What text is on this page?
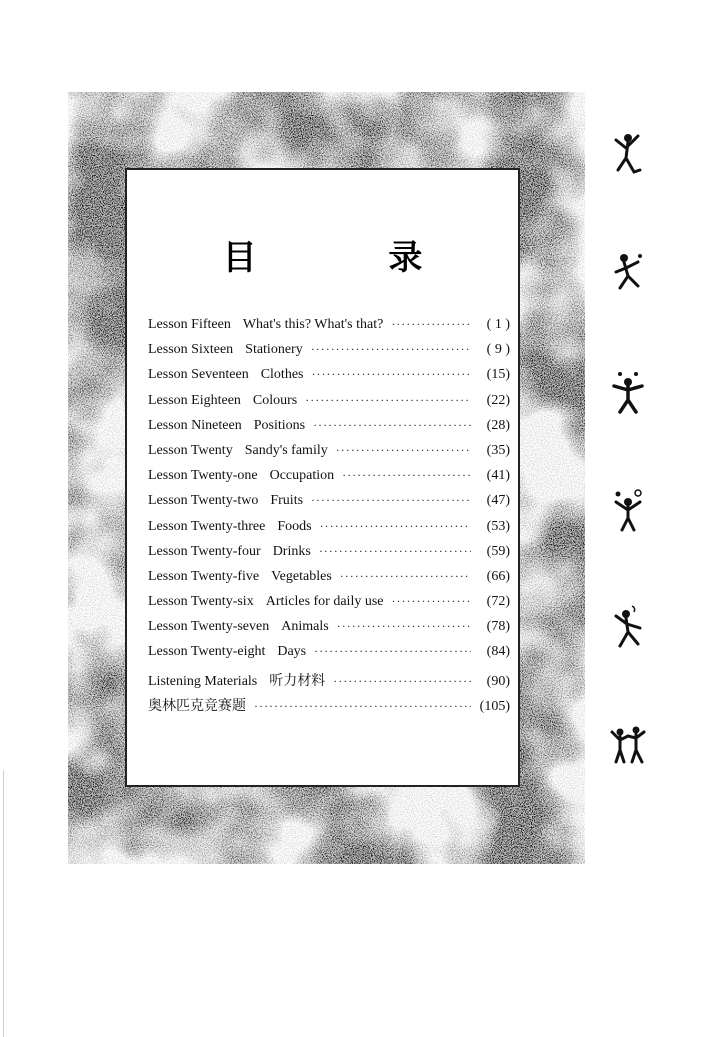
目 录
Lesson Fifteen What's this? What's that? ·····	( 1 )
Lesson Sixteen Stationery ·····	( 9 )
Lesson Seventeen Clothes ·····	(15)
Lesson Eighteen Colours ·····	(22)
Lesson Nineteen Positions ·····	(28)
Lesson Twenty Sandy's family ·····	(35)
Lesson Twenty-one Occupation ·····	(41)
Lesson Twenty-two Fruits ·····	(47)
Lesson Twenty-three Foods ·····	(53)
Lesson Twenty-four Drinks ·····	(59)
Lesson Twenty-five Vegetables ·····	(66)
Lesson Twenty-six Articles for daily use ·····	(72)
Lesson Twenty-seven Animals ·····	(78)
Lesson Twenty-eight Days ·····	(84)
Listening Materials 听力材料 ·····	(90)
奥林匹克竞赛题 ·····	(105)
